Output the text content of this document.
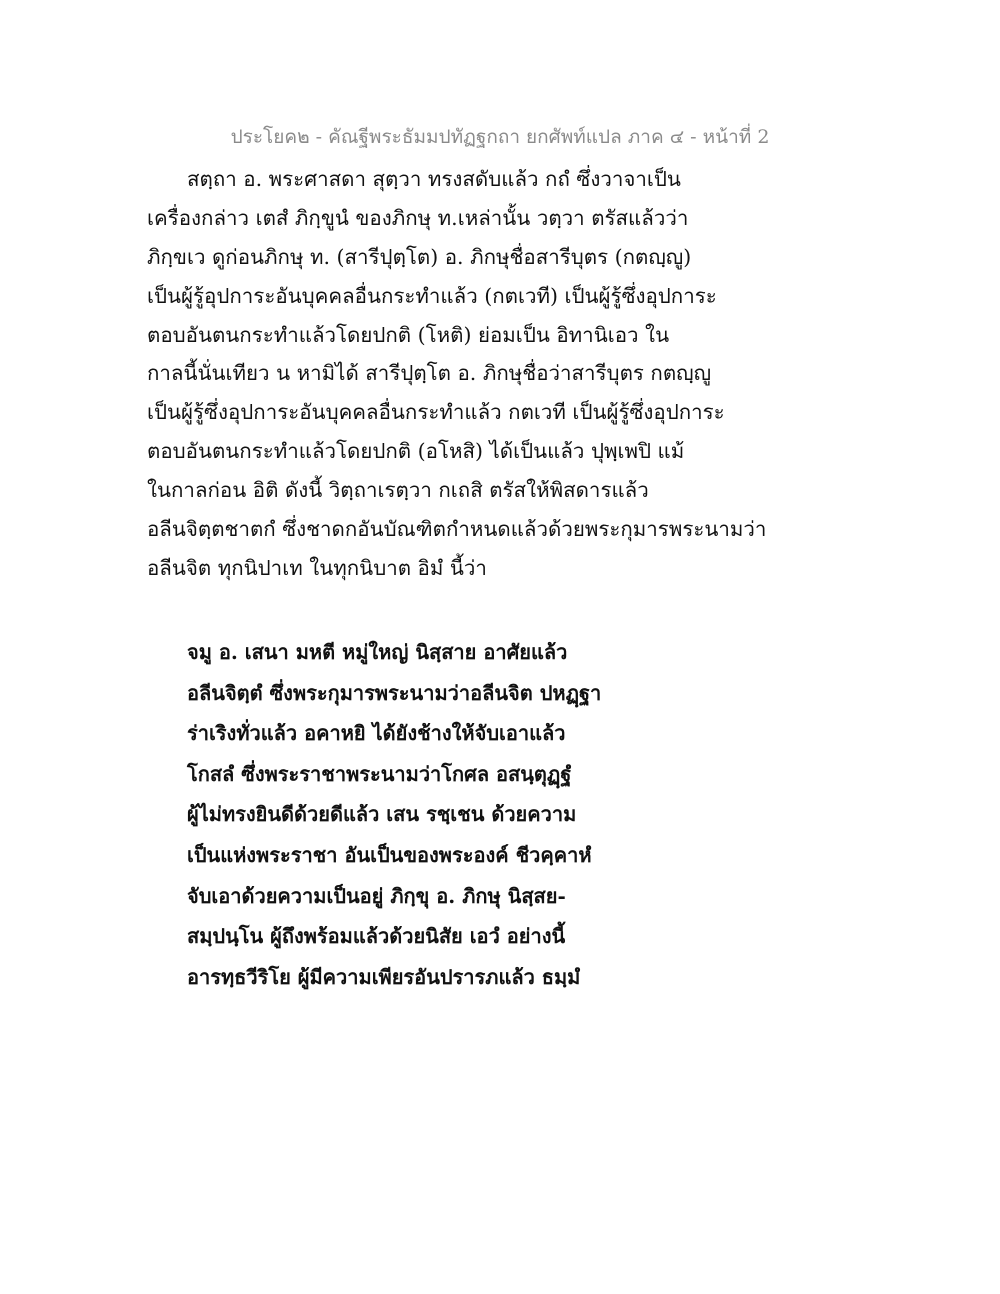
ประโยค๒ - คัณฐีพระธัมมปทัฏฐกถา ยกศัพท์แปล ภาค ๔ - หน้าที่ 2
สตฺถา อ. พระศาสดา สุตฺวา ทรงสดับแล้ว กถํ ซึ่งวาจาเป็น
เครื่องกล่าว เตสํ ภิกฺขูนํ ของภิกษุ ท.เหล่านั้น วตฺวา ตรัสแล้วว่า
ภิกฺขเว ดูก่อนภิกษุ ท. (สารีปุตฺโต) อ. ภิกษุชื่อสารีบุตร (กตญฺญู)
เป็นผู้รู้อุปการะอันบุคคลอื่นกระทำแล้ว (กตเวที) เป็นผู้รู้ซึ่งอุปการะ
ตอบอันตนกระทำแล้วโดยปกติ (โหติ) ย่อมเป็น อิทานิเอว ใน
กาลนี้นั่นเทียว น หามิได้ สารีปุตฺโต อ. ภิกษุชื่อว่าสารีบุตร กตญฺญู
เป็นผู้รู้ซึ่งอุปการะอันบุคคลอื่นกระทำแล้ว กตเวที เป็นผู้รู้ซึ่งอุปการะ
ตอบอันตนกระทำแล้วโดยปกติ (อโหสิ) ได้เป็นแล้ว ปุพฺเพปิ แม้
ในกาลก่อน อิติ ดังนี้ วิตฺถาเรตฺวา กเถสิ ตรัสให้พิสดารแล้ว
อลีนจิตฺตชาตกํ ซึ่งชาดกอันบัณฑิตกำหนดแล้วด้วยพระกุมารพระนามว่า
อลีนจิต ทุกนิปาเท ในทุกนิบาต อิมํ นี้ว่า
จมู อ. เสนา มหตี หมู่ใหญ่ นิสฺสาย อาศัยแล้ว
อลีนจิตฺตํ ซึ่งพระกุมารพระนามว่าอลีนจิต ปหฏฺฐา
ร่าเริงทั่วแล้ว อคาหยิ ได้ยังช้างให้จับเอาแล้ว
โกสลํ ซึ่งพระราชาพระนามว่าโกศล อสนฺตุฏฺฐํ
ผู้ไม่ทรงยินดีด้วยดีแล้ว เสน รชฺเชน ด้วยความ
เป็นแห่งพระราชา อันเป็นของพระองค์ ชีวคฺคาหํ
จับเอาด้วยความเป็นอยู่ ภิกฺขุ อ. ภิกษุ นิสฺสย-
สมฺปนฺโน ผู้ถึงพร้อมแล้วด้วยนิสัย เอวํ อย่างนี้
อารทฺธวีริโย ผู้มีความเพียรอันปรารภแล้ว ธมฺมํ
